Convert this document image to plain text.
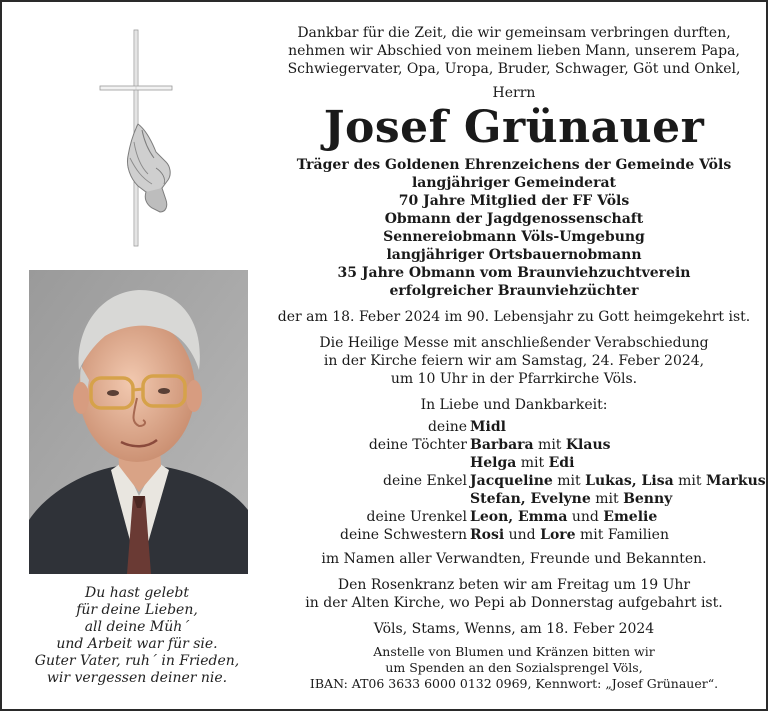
Du hast gelebt
für deine Lieben,
all deine Müh´
und Arbeit war für sie.
Guter Vater, ruh´ in Frieden,
wir vergessen deiner nie.
Dankbar für die Zeit, die wir gemeinsam verbringen durften,
nehmen wir Abschied von meinem lieben Mann, unserem Papa,
Schwiegervater, Opa, Uropa, Bruder, Schwager, Göt und Onkel,
Herrn
Josef Grünauer
Träger des Goldenen Ehrenzeichens der Gemeinde Völs
langjähriger Gemeinderat
70 Jahre Mitglied der FF Völs
Obmann der Jagdgenossenschaft
Sennereiobmann Völs-Umgebung
langjähriger Ortsbauernobmann
35 Jahre Obmann vom Braunviehzuchtverein
erfolgreicher Braunviehzüchter
der am 18. Feber 2024 im 90. Lebensjahr zu Gott heimgekehrt ist.
Die Heilige Messe mit anschließender Verabschiedung
in der Kirche feiern wir am Samstag, 24. Feber 2024,
um 10 Uhr in der Pfarrkirche Völs.
In Liebe und Dankbarkeit:
deine Midl
deine Töchter Barbara mit Klaus
Helga mit Edi
deine Enkel Jacqueline mit Lukas, Lisa mit Markus
Stefan, Evelyne mit Benny
deine Urenkel Leon, Emma und Emelie
deine Schwestern Rosi und Lore mit Familien
im Namen aller Verwandten, Freunde und Bekannten.
Den Rosenkranz beten wir am Freitag um 19 Uhr
in der Alten Kirche, wo Pepi ab Donnerstag aufgebahrt ist.
Völs, Stams, Wenns, am 18. Feber 2024
Anstelle von Blumen und Kränzen bitten wir
um Spenden an den Sozialsprengel Völs,
IBAN: AT06 3633 6000 0132 0969, Kennwort: „Josef Grünauer“.
